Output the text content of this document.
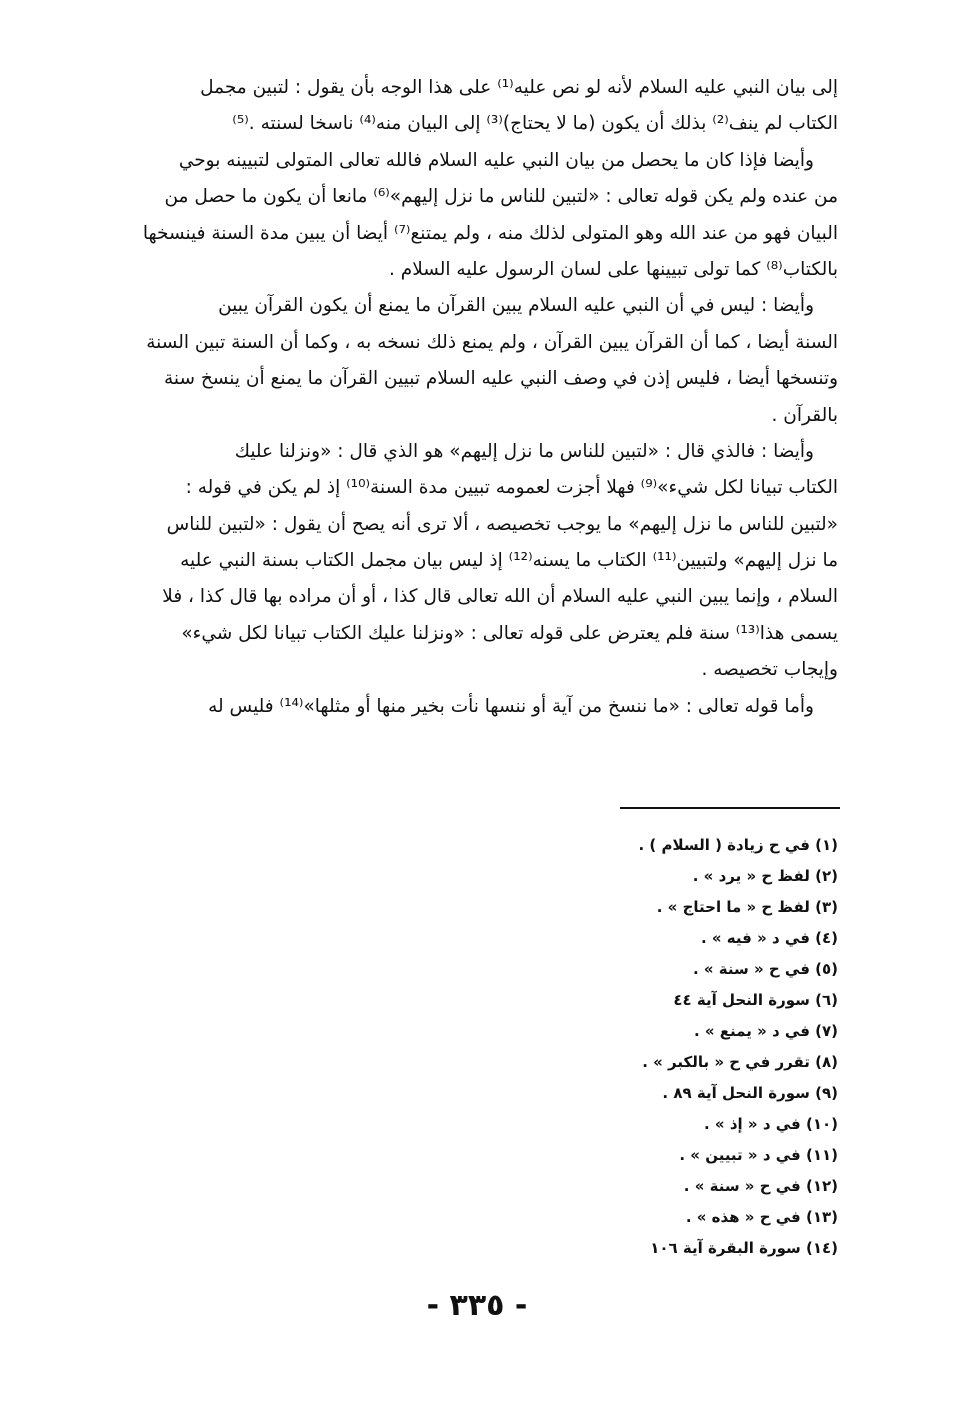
إلى بيان النبي عليه السلام لأنه لو نص عليه⁽¹⁾ على هذا الوجه بأن يقول : لتبين مجمل
الكتاب لم ينف⁽²⁾ بذلك أن يكون (ما لا يحتاج)⁽³⁾ إلى البيان منه⁽⁴⁾ ناسخا لسنته .⁽⁵⁾
وأيضا فإذا كان ما يحصل من بيان النبي عليه السلام فالله تعالى المتولى لتبيينه بوحي
من عنده ولم يكن قوله تعالى : «لتبين للناس ما نزل إليهم»⁽⁶⁾ مانعا أن يكون ما حصل من
البيان فهو من عند الله وهو المتولى لذلك منه ، ولم يمتنع⁽⁷⁾ أيضا أن يبين مدة السنة فينسخها
بالكتاب⁽⁸⁾ كما تولى تبيينها على لسان الرسول عليه السلام .
وأيضا : ليس في أن النبي عليه السلام يبين القرآن ما يمنع أن يكون القرآن يبين
السنة أيضا ، كما أن القرآن يبين القرآن ، ولم يمنع ذلك نسخه به ، وكما أن السنة تبين السنة
وتنسخها أيضا ، فليس إذن في وصف النبي عليه السلام تبيين القرآن ما يمنع أن ينسخ سنة
بالقرآن .
وأيضا : فالذي قال : «لتبين للناس ما نزل إليهم» هو الذي قال : «ونزلنا عليك
الكتاب تبيانا لكل شيء»⁽⁹⁾ فهلا أجزت لعمومه تبيين مدة السنة⁽¹⁰⁾ إذ لم يكن في قوله :
«لتبين للناس ما نزل إليهم» ما يوجب تخصيصه ، ألا ترى أنه يصح أن يقول : «لتبين للناس
ما نزل إليهم» ولتبيين⁽¹¹⁾ الكتاب ما يسنه⁽¹²⁾ إذ ليس بيان مجمل الكتاب بسنة النبي عليه
السلام ، وإنما يبين النبي عليه السلام أن الله تعالى قال كذا ، أو أن مراده بها قال كذا ، فلا
يسمى هذا⁽¹³⁾ سنة فلم يعترض على قوله تعالى : «ونزلنا عليك الكتاب تبيانا لكل شيء»
وإيجاب تخصيصه .
وأما قوله تعالى : «ما ننسخ من آية أو ننسها نأت بخير منها أو مثلها»⁽¹⁴⁾ فليس له
(١) في ح زيادة ( السلام ) .
(٢) لفظ ح « يرد » .
(٣) لفظ ح « ما احتاج » .
(٤) في د « فيه » .
(٥) في ح « سنة » .
(٦) سورة النحل آية ٤٤
(٧) في د « يمنع » .
(٨) تقرر في ح « بالكبر » .
(٩) سورة النحل آية ٨٩ .
(١٠) في د « إذ » .
(١١) في د « تبيين » .
(١٢) في ح « سنة » .
(١٣) في ح « هذه » .
(١٤) سورة البقرة آية ١٠٦
- ٣٣٥ -
